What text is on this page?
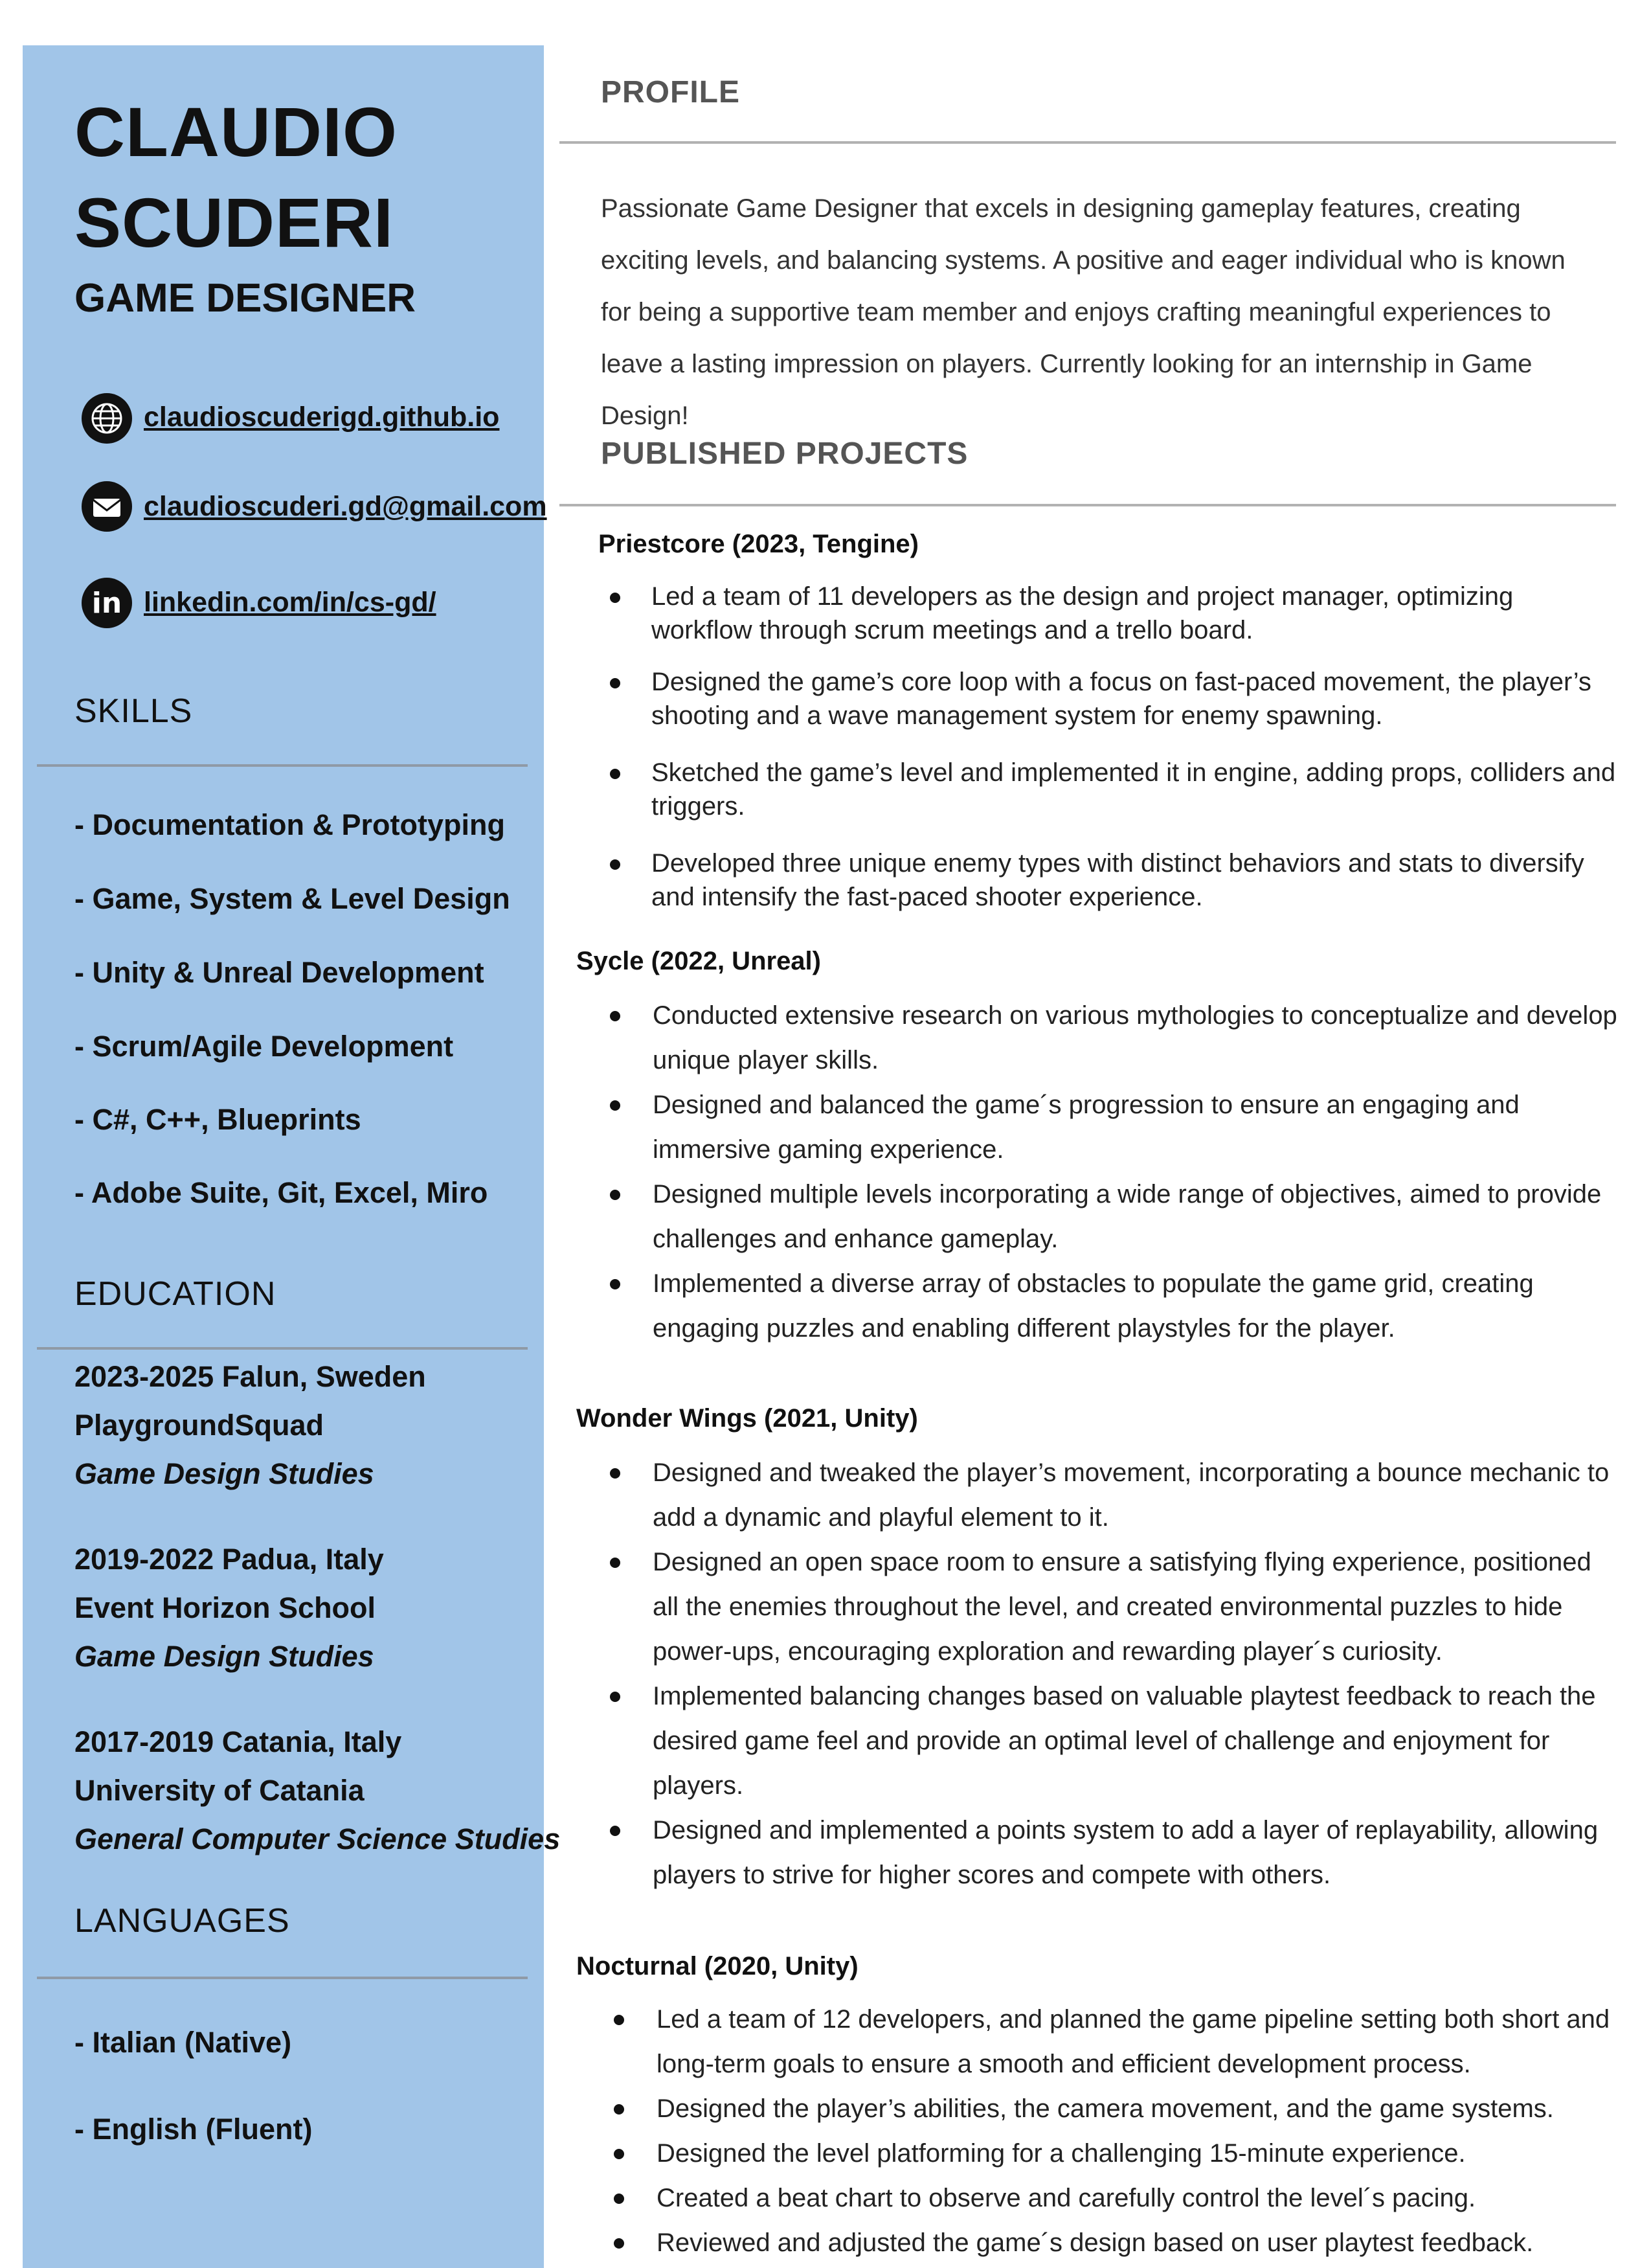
CLAUDIO
SCUDERI
GAME DESIGNER
claudioscuderigd.github.io
claudioscuderi.gd@gmail.com
in linkedin.com/in/cs-gd/
SKILLS
- Documentation & Prototyping
- Game, System & Level Design
- Unity & Unreal Development
- Scrum/Agile Development
- C#, C++, Blueprints
- Adobe Suite, Git, Excel, Miro
EDUCATION
2023-2025 Falun, Sweden
PlaygroundSquad
Game Design Studies
2019-2022 Padua, Italy
Event Horizon School
Game Design Studies
2017-2019 Catania, Italy
University of Catania
General Computer Science Studies
LANGUAGES
- Italian (Native)
- English (Fluent)
PROFILE
Passionate Game Designer that excels in designing gameplay features, creating exciting levels, and balancing systems. A positive and eager individual who is known for being a supportive team member and enjoys crafting meaningful experiences to leave a lasting impression on players. Currently looking for an internship in Game Design!
PUBLISHED PROJECTS
Priestcore (2023, Tengine)
Led a team of 11 developers as the design and project manager, optimizing workflow through scrum meetings and a trello board.
Designed the game’s core loop with a focus on fast-paced movement, the player’s shooting and a wave management system for enemy spawning.
Sketched the game’s level and implemented it in engine, adding props, colliders and triggers.
Developed three unique enemy types with distinct behaviors and stats to diversify and intensify the fast-paced shooter experience.
Sycle (2022, Unreal)
Conducted extensive research on various mythologies to conceptualize and develop unique player skills.
Designed and balanced the game´s progression to ensure an engaging and immersive gaming experience.
Designed multiple levels incorporating a wide range of objectives, aimed to provide challenges and enhance gameplay.
Implemented a diverse array of obstacles to populate the game grid, creating engaging puzzles and enabling different playstyles for the player.
Wonder Wings (2021, Unity)
Designed and tweaked the player’s movement, incorporating a bounce mechanic to add a dynamic and playful element to it.
Designed an open space room to ensure a satisfying flying experience, positioned all the enemies throughout the level, and created environmental puzzles to hide power-ups, encouraging exploration and rewarding player´s curiosity.
Implemented balancing changes based on valuable playtest feedback to reach the desired game feel and provide an optimal level of challenge and enjoyment for players.
Designed and implemented a points system to add a layer of replayability, allowing players to strive for higher scores and compete with others.
Nocturnal (2020, Unity)
Led a team of 12 developers, and planned the game pipeline setting both short and long-term goals to ensure a smooth and efficient development process.
Designed the player’s abilities, the camera movement, and the game systems.
Designed the level platforming for a challenging 15-minute experience.
Created a beat chart to observe and carefully control the level´s pacing.
Reviewed and adjusted the game´s design based on user playtest feedback.
